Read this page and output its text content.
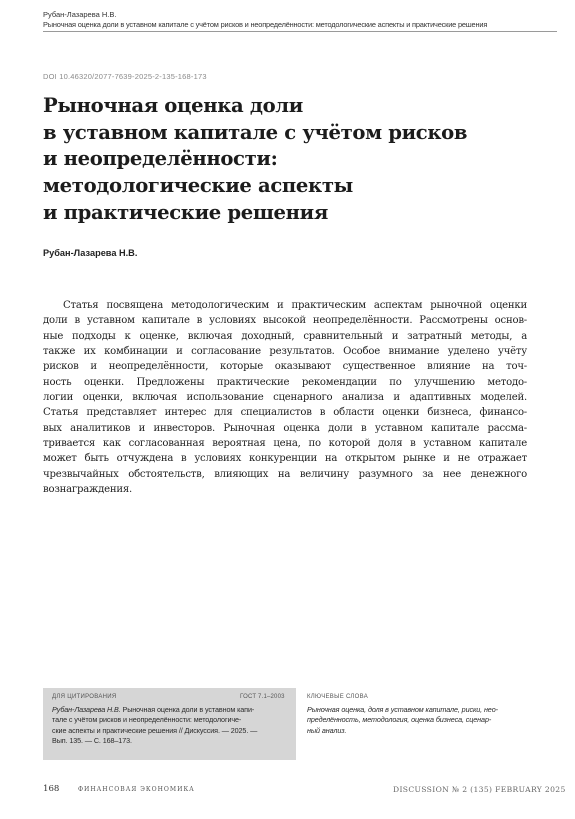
Рубан-Лазарева Н.В.
Рыночная оценка доли в уставном капитале с учётом рисков и неопределённости: методологические аспекты и практические решения
DOI 10.46320/2077-7639-2025-2-135-168-173
Рыночная оценка доли
в уставном капитале с учётом рисков
и неопределённости:
методологические аспекты
и практические решения
Рубан-Лазарева Н.В.
Статья посвящена методологическим и практическим аспектам рыночной оценки
доли в уставном капитале в условиях высокой неопределённости. Рассмотрены основ-
ные подходы к оценке, включая доходный, сравнительный и затратный методы, а
также их комбинации и согласование результатов. Особое внимание уделено учёту
рисков и неопределённости, которые оказывают существенное влияние на точ-
ность оценки. Предложены практические рекомендации по улучшению методо-
логии оценки, включая использование сценарного анализа и адаптивных моделей.
Статья представляет интерес для специалистов в области оценки бизнеса, финансо-
вых аналитиков и инвесторов. Рыночная оценка доли в уставном капитале рассма-
тривается как согласованная вероятная цена, по которой доля в уставном капитале
может быть отчуждена в условиях конкуренции на открытом рынке и не отражает
чрезвычайных обстоятельств, влияющих на величину разумного за нее денежного
вознаграждения.
ДЛЯ ЦИТИРОВАНИЯ	ГОСТ 7.1–2003
Рубан-Лазарева Н.В. Рыночная оценка доли в уставном капи-
тале с учётом рисков и неопределённости: методологиче-
ские аспекты и практические решения // Дискуссия. — 2025. —
Вып. 135. — С. 168–173.
КЛЮЧЕВЫЕ СЛОВА
Рыночная оценка, доля в уставном капитале, риски, нео-
пределённость, методология, оценка бизнеса, сценар-
ный анализ.
168	ФИНАНСОВАЯ ЭКОНОМИКА	DISCUSSION № 2 (135) FEBRUARY 2025
